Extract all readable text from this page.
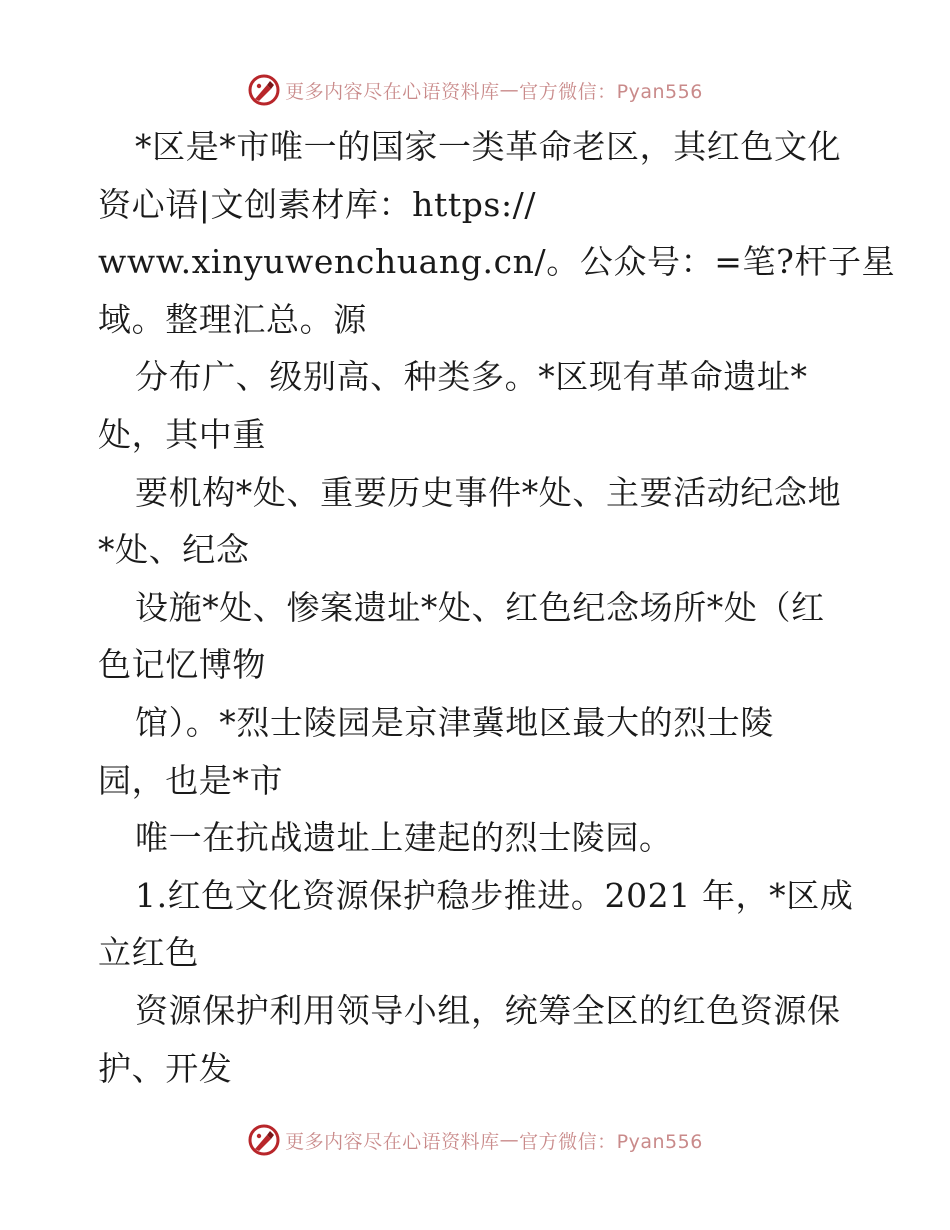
更多内容尽在心语资料库 — 官方微信：Pyan556
*区是*市唯一的国家一类革命老区，其红色文化
资心语|文创素材库：https://
www.xinyuwenchuang.cn/。公众号：=笔?杆子星
域。整理汇总。源
分布广、级别高、种类多。*区现有革命遗址*
处，其中重
要机构*处、重要历史事件*处、主要活动纪念地
*处、纪念
设施*处、惨案遗址*处、红色纪念场所*处（红
色记忆博物
馆）。*烈士陵园是京津冀地区最大的烈士陵
园，也是*市
唯一在抗战遗址上建起的烈士陵园。
1.红色文化资源保护稳步推进。2021 年，*区成
立红色
资源保护利用领导小组，统筹全区的红色资源保
护、开发
更多内容尽在心语资料库 — 官方微信：Pyan556
